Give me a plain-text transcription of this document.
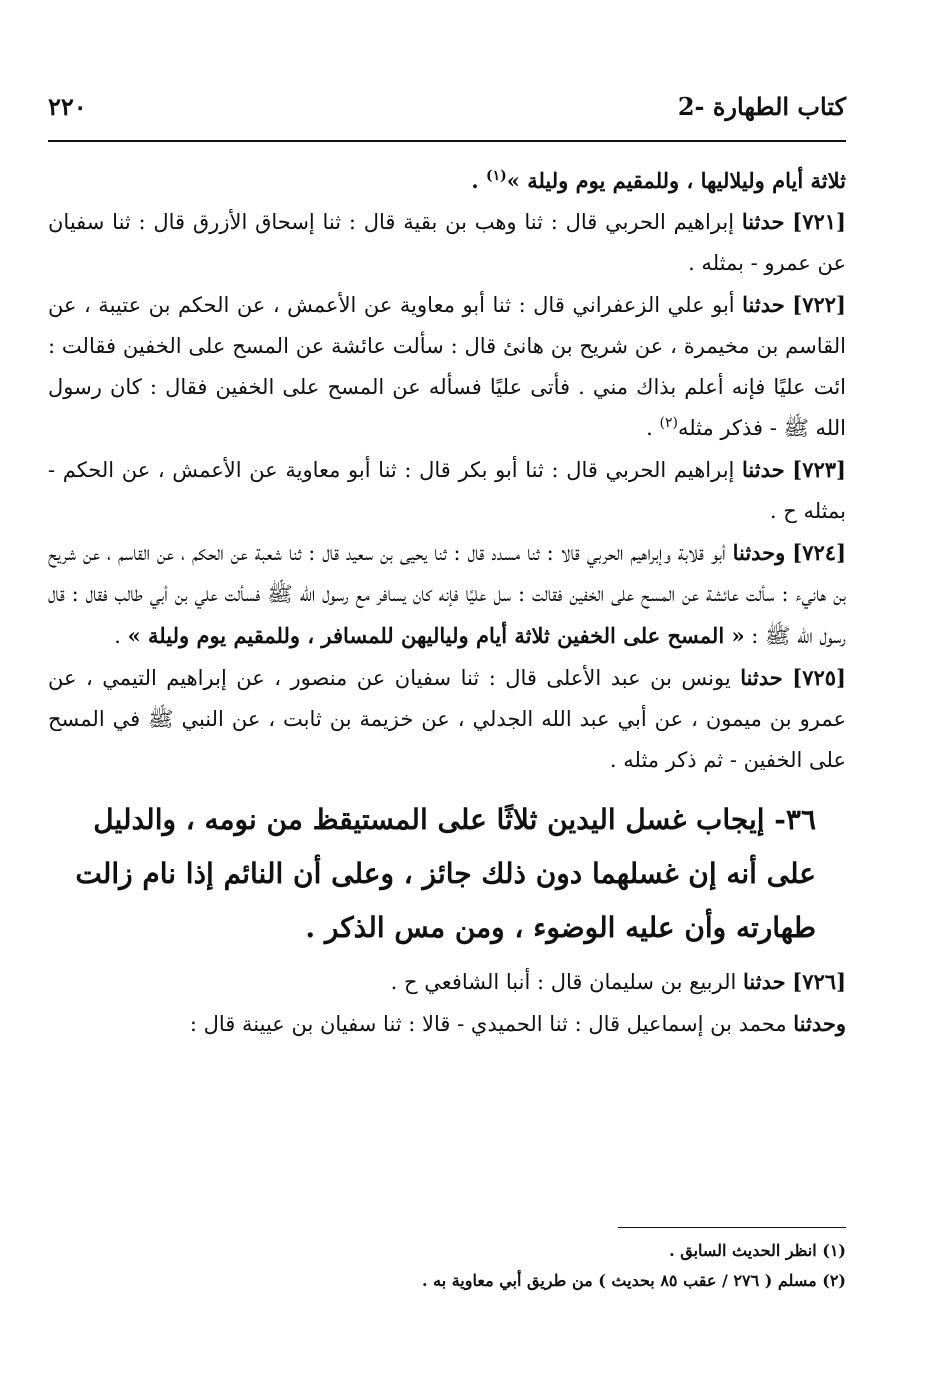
٢٢٠	2- كتاب الطهارة

ثلاثة أيام وليلاليها ، وللمقيم يوم وليلة »$^{(١)}$ .

[٧٢١] حدثنا إبراهيم الحربي قال : ثنا وهب بن بقية قال : ثنا إسحاق الأزرق قال : ثنا سفيان عن عمرو - بمثله .

[٧٢٢] حدثنا أبو علي الزعفراني قال : ثنا أبو معاوية عن الأعمش ، عن الحكم بن عتيبة ، عن القاسم بن مخيمرة ، عن شريح بن هانئ قال : سألت عائشة عن المسح على الخفين فقالت : ائت عليًا فإنه أعلم بذاك مني . فأتى عليًا فسأله عن المسح على الخفين فقال : كان رسول الله ﷺ - فذكر مثله$^{(٢)}$ .

[٧٢٣] حدثنا إبراهيم الحربي قال : ثنا أبو بكر قال : ثنا أبو معاوية عن الأعمش ، عن الحكم - بمثله ح .

[٧٢٤] وحدثنا أبو قلابة وإبراهيم الحربي قالا : ثنا مسدد قال : ثنا يحيى بن سعيد قال : ثنا شعبة عن الحكم ، عن القاسم ، عن شريح بن هانيء : سألت عائشة عن المسح على الخفين فقالت : سل عليًا فإنه كان يسافر مع رسول الله ﷺ فسألت علي بن أبي طالب فقال : قال رسول الله ﷺ : « المسح على الخفين ثلاثة أيام ولياليهن للمسافر ، وللمقيم يوم وليلة » .

[٧٢٥] حدثنا يونس بن عبد الأعلى قال : ثنا سفيان عن منصور ، عن إبراهيم التيمي ، عن عمرو بن ميمون ، عن أبي عبد الله الجدلي ، عن خزيمة بن ثابت ، عن النبي ﷺ في المسح على الخفين - ثم ذكر مثله .

٣٦- إيجاب غسل اليدين ثلاثًا على المستيقظ من نومه ، والدليل على أنه إن غسلهما دون ذلك جائز ، وعلى أن النائم إذا نام زالت طهارته وأن عليه الوضوء ، ومن مس الذكر .

[٧٢٦] حدثنا الربيع بن سليمان قال : أنبا الشافعي ح .

وحدثنا محمد بن إسماعيل قال : ثنا الحميدي - قالا : ثنا سفيان بن عيينة قال :

(١) انظر الحديث السابق .

(٢) مسلم ( ٢٧٦ / عقب ٨٥ بحديث ) من طريق أبي معاوية به .
